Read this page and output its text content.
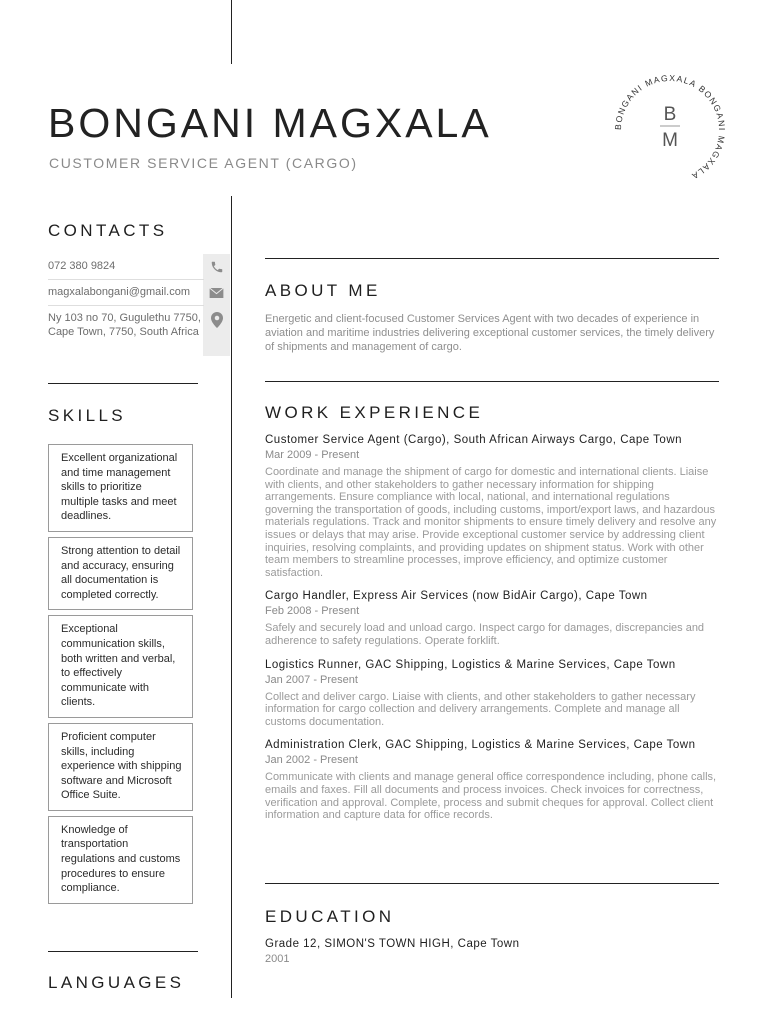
BONGANI MAGXALA
CUSTOMER SERVICE AGENT (CARGO)
BONGANI MAGXALA BONGANI MAGXALA
B
M
CONTACTS
072 380 9824
magxalabongani@gmail.com
Ny 103 no 70, Gugulethu 7750, Cape Town, 7750, South Africa
SKILLS
Excellent organizational and time management skills to prioritize multiple tasks and meet deadlines.
Strong attention to detail and accuracy, ensuring all documentation is completed correctly.
Exceptional communication skills, both written and verbal, to effectively communicate with clients.
Proficient computer skills, including experience with shipping software and Microsoft Office Suite.
Knowledge of transportation regulations and customs procedures to ensure compliance.
LANGUAGES
ABOUT ME
Energetic and client-focused Customer Services Agent with two decades of experience in aviation and maritime industries delivering exceptional customer services, the timely delivery of shipments and management of cargo.
WORK EXPERIENCE
Customer Service Agent (Cargo), South African Airways Cargo, Cape Town
Mar 2009 - Present
Coordinate and manage the shipment of cargo for domestic and international clients. Liaise with clients, and other stakeholders to gather necessary information for shipping arrangements. Ensure compliance with local, national, and international regulations governing the transportation of goods, including customs, import/export laws, and hazardous materials regulations. Track and monitor shipments to ensure timely delivery and resolve any issues or delays that may arise. Provide exceptional customer service by addressing client inquiries, resolving complaints, and providing updates on shipment status. Work with other team members to streamline processes, improve efficiency, and optimize customer satisfaction.
Cargo Handler, Express Air Services (now BidAir Cargo), Cape Town
Feb 2008 - Present
Safely and securely load and unload cargo. Inspect cargo for damages, discrepancies and adherence to safety regulations. Operate forklift.
Logistics Runner, GAC Shipping, Logistics & Marine Services, Cape Town
Jan 2007 - Present
Collect and deliver cargo. Liaise with clients, and other stakeholders to gather necessary information for cargo collection and delivery arrangements. Complete and manage all customs documentation.
Administration Clerk, GAC Shipping, Logistics & Marine Services, Cape Town
Jan 2002 - Present
Communicate with clients and manage general office correspondence including, phone calls, emails and faxes. Fill all documents and process invoices. Check invoices for correctness, verification and approval. Complete, process and submit cheques for approval. Collect client information and capture data for office records.
EDUCATION
Grade 12, SIMON'S TOWN HIGH, Cape Town
2001
